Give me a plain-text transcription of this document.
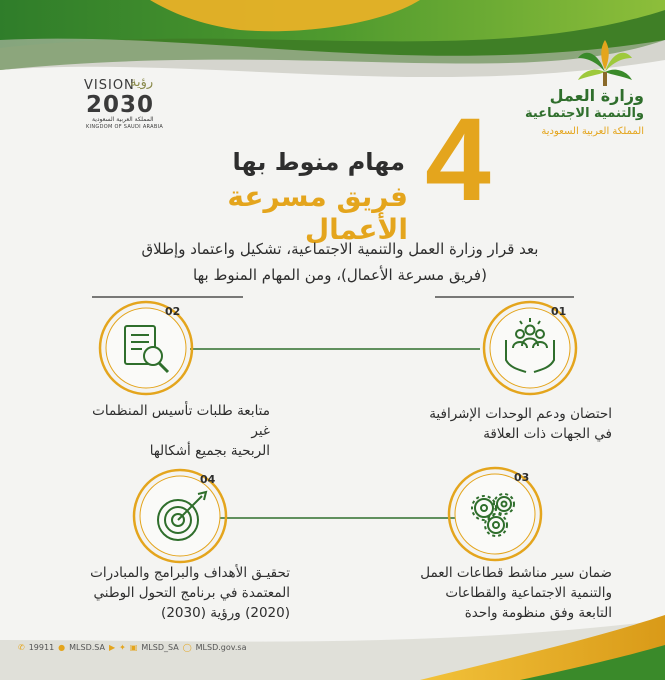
وزارة العمل
والتنمية الاجتماعية
المملكة العربية السعودية
VISION
رؤية
2030
المملكة العربية السعودية
KINGDOM OF SAUDI ARABIA 4
مهام منوط بها
فريق مسرعة الأعمال
بعد قرار وزارة العمل والتنمية الاجتماعية، تشكيل واعتماد وإطلاق
(فريق مسرعة الأعمال)، ومن المهام المنوط بها
02	01
04	03
متابعة طلبات تأسيس المنظمات غير
الربحية بجميع أشكالها
احتضان ودعم الوحدات الإشرافية
في الجهات ذات العلاقة
تحقيـق الأهداف والبرامج والمبادرات
المعتمدة في برنامج التحول الوطني
(2020) ورؤية (2030)
ضمان سير مناشط قطاعات العمل
والتنمية الاجتماعية والقطاعات
التابعة وفق منظومة واحدة
✆ 19911 ● MLSD.SA ▶ ✦ ▣ MLSD_SA ◯ MLSD.gov.sa
